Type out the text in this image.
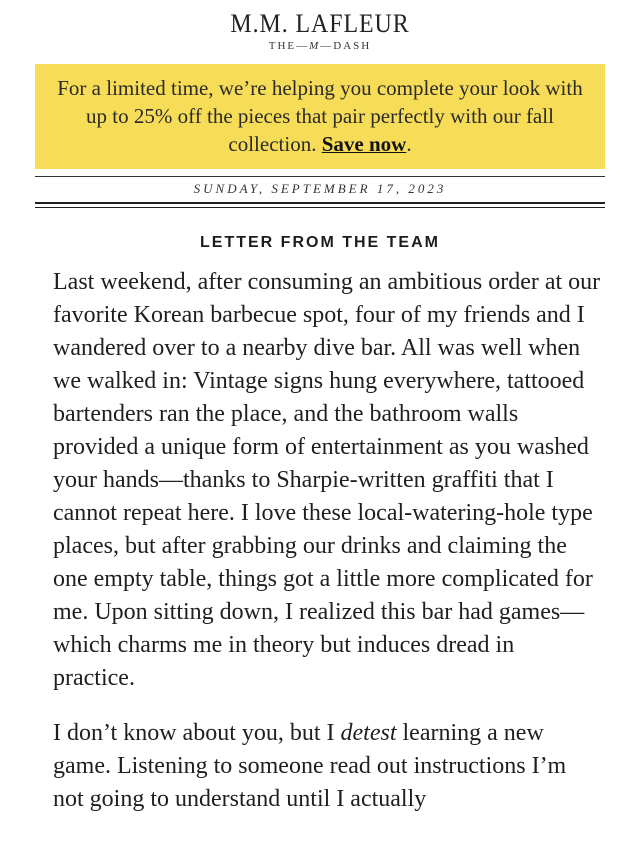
M.M. LAFLEUR
THE—M—DASH
For a limited time, we’re helping you complete your look with up to 25% off the pieces that pair perfectly with our fall collection. Save now.
SUNDAY, SEPTEMBER 17, 2023
LETTER FROM THE TEAM

Last weekend, after consuming an ambitious order at our favorite Korean barbecue spot, four of my friends and I wandered over to a nearby dive bar. All was well when we walked in: Vintage signs hung everywhere, tattooed bartenders ran the place, and the bathroom walls provided a unique form of entertainment as you washed your hands—thanks to Sharpie-written graffiti that I cannot repeat here. I love these local-watering-hole type places, but after grabbing our drinks and claiming the one empty table, things got a little more complicated for me. Upon sitting down, I realized this bar had games—which charms me in theory but induces dread in practice.

I don’t know about you, but I detest learning a new game. Listening to someone read out instructions I’m not going to understand until I actually
